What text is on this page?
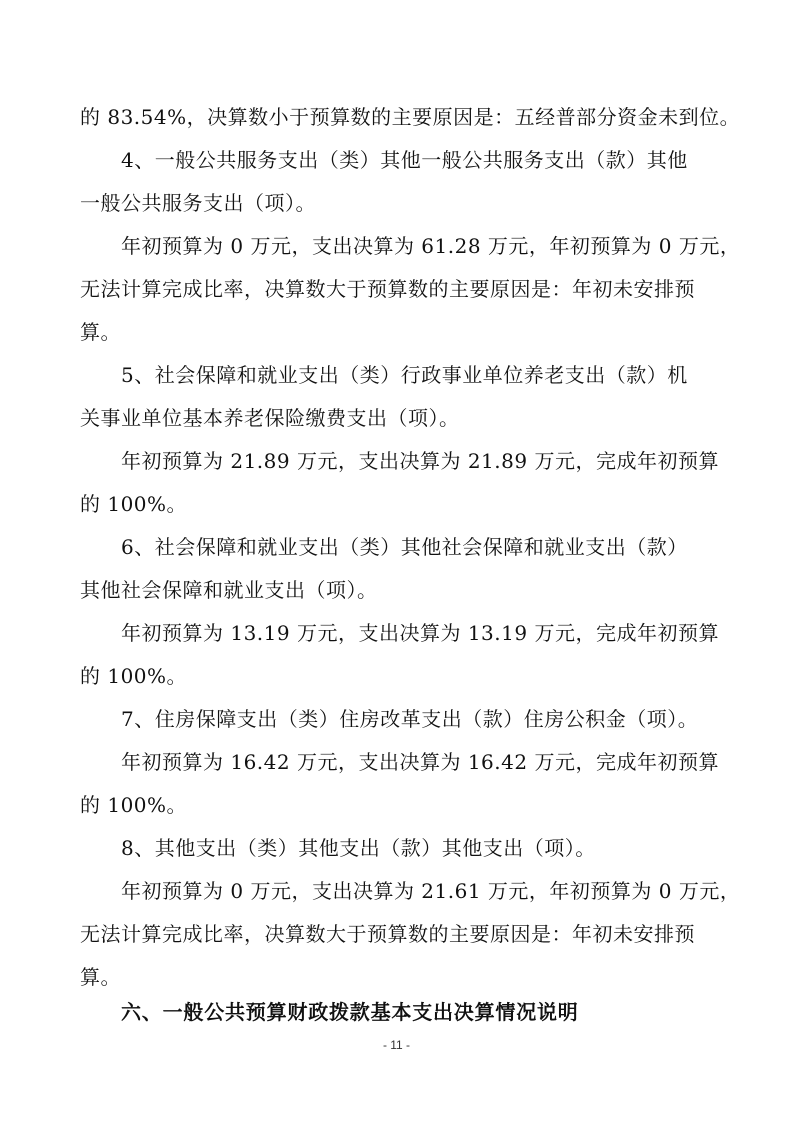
的 83.54%，决算数小于预算数的主要原因是：五经普部分资金未到位。
4、一般公共服务支出（类）其他一般公共服务支出（款）其他
一般公共服务支出（项）。
年初预算为 0 万元，支出决算为 61.28 万元，年初预算为 0 万元，
无法计算完成比率，决算数大于预算数的主要原因是：年初未安排预
算。
5、社会保障和就业支出（类）行政事业单位养老支出（款）机
关事业单位基本养老保险缴费支出（项）。
年初预算为 21.89 万元，支出决算为 21.89 万元，完成年初预算
的 100%。
6、社会保障和就业支出（类）其他社会保障和就业支出（款）
其他社会保障和就业支出（项）。
年初预算为 13.19 万元，支出决算为 13.19 万元，完成年初预算
的 100%。
7、住房保障支出（类）住房改革支出（款）住房公积金（项）。
年初预算为 16.42 万元，支出决算为 16.42 万元，完成年初预算
的 100%。
8、其他支出（类）其他支出（款）其他支出（项）。
年初预算为 0 万元，支出决算为 21.61 万元，年初预算为 0 万元，
无法计算完成比率，决算数大于预算数的主要原因是：年初未安排预
算。
六、一般公共预算财政拨款基本支出决算情况说明
- 11 -
